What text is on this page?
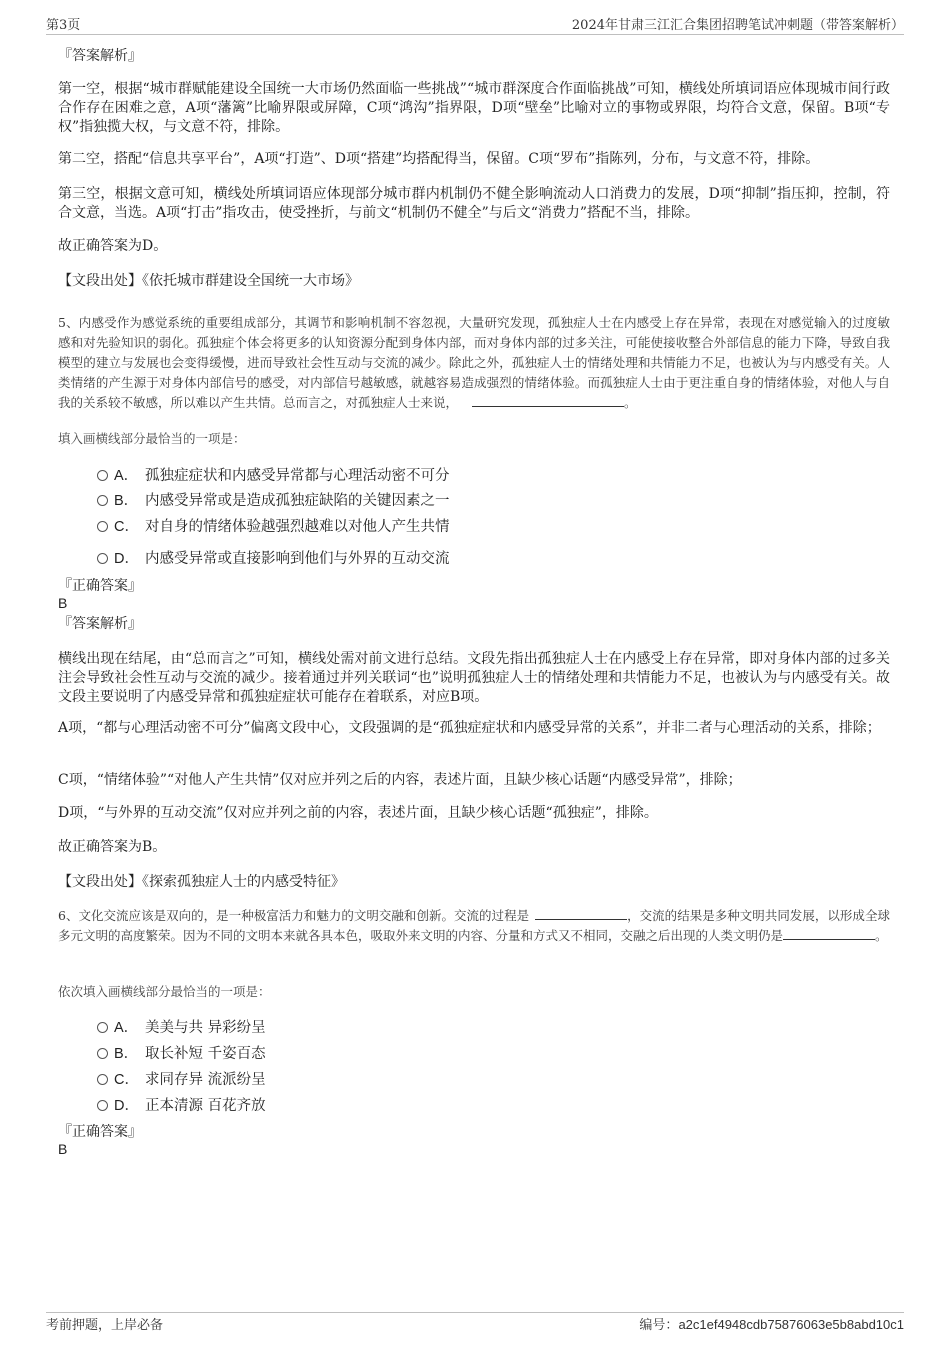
第3页	2024年甘肃三江汇合集团招聘笔试冲刺题（带答案解析）
『答案解析』
第一空，根据“城市群赋能建设全国统一大市场仍然面临一些挑战”“城市群深度合作面临挑战”可知，横线处所填词语应体现城市间行政合作存在困难之意，A项“藩篱”比喻界限或屏障，C项“鸿沟”指界限，D项“壁垒”比喻对立的事物或界限，均符合文意，保留。B项“专权”指独揽大权，与文意不符，排除。
第二空，搭配“信息共享平台”，A项“打造”、D项“搭建”均搭配得当，保留。C项“罗布”指陈列，分布，与文意不符，排除。
第三空，根据文意可知，横线处所填词语应体现部分城市群内机制仍不健全影响流动人口消费力的发展，D项“抑制”指压抑，控制，符合文意，当选。A项“打击”指攻击，使受挫折，与前文“机制仍不健全”与后文“消费力”搭配不当，排除。
故正确答案为D。
【文段出处】《依托城市群建设全国统一大市场》
5、内感受作为感觉系统的重要组成部分，其调节和影响机制不容忽视，大量研究发现，孤独症人士在内感受上存在异常，表现在对感觉输入的过度敏感和对先验知识的弱化。孤独症个体会将更多的认知资源分配到身体内部，而对身体内部的过多关注，可能使接收整合外部信息的能力下降，导致自我模型的建立与发展也会变得缓慢，进而导致社会性互动与交流的减少。除此之外，孤独症人士的情绪处理和共情能力不足，也被认为与内感受有关。人类情绪的产生源于对身体内部信号的感受，对内部信号越敏感，就越容易造成强烈的情绪体验。而孤独症人士由于更注重自身的情绪体验，对他人与自我的关系较不敏感，所以难以产生共情。总而言之，对孤独症人士来说，	。
填入画横线部分最恰当的一项是：
A． 孤独症症状和内感受异常都与心理活动密不可分
B． 内感受异常或是造成孤独症缺陷的关键因素之一
C． 对自身的情绪体验越强烈越难以对他人产生共情
D． 内感受异常或直接影响到他们与外界的互动交流
『正确答案』
B
『答案解析』
横线出现在结尾，由“总而言之”可知，横线处需对前文进行总结。文段先指出孤独症人士在内感受上存在异常，即对身体内部的过多关注会导致社会性互动与交流的减少。接着通过并列关联词“也”说明孤独症人士的情绪处理和共情能力不足，也被认为与内感受有关。故文段主要说明了内感受异常和孤独症症状可能存在着联系，对应B项。
A项，“都与心理活动密不可分”偏离文段中心，文段强调的是“孤独症症状和内感受异常的关系”，并非二者与心理活动的关系，排除；
C项，“情绪体验”“对他人产生共情”仅对应并列之后的内容，表述片面，且缺少核心话题“内感受异常”，排除；
D项，“与外界的互动交流”仅对应并列之前的内容，表述片面，且缺少核心话题“孤独症”，排除。
故正确答案为B。
【文段出处】《探索孤独症人士的内感受特征》
6、文化交流应该是双向的，是一种极富活力和魅力的文明交融和创新。交流的过程是	，交流的结果是多种文明共同发展，以形成全球多元文明的高度繁荣。因为不同的文明本来就各具本色，吸取外来文明的内容、分量和方式又不相同，交融之后出现的人类文明仍是	。
依次填入画横线部分最恰当的一项是：
A． 美美与共 异彩纷呈
B． 取长补短 千姿百态
C． 求同存异 流派纷呈
D． 正本清源 百花齐放
『正确答案』
B
考前押题，上岸必备	编号：a2c1ef4948cdb75876063e5b8abd10c1
